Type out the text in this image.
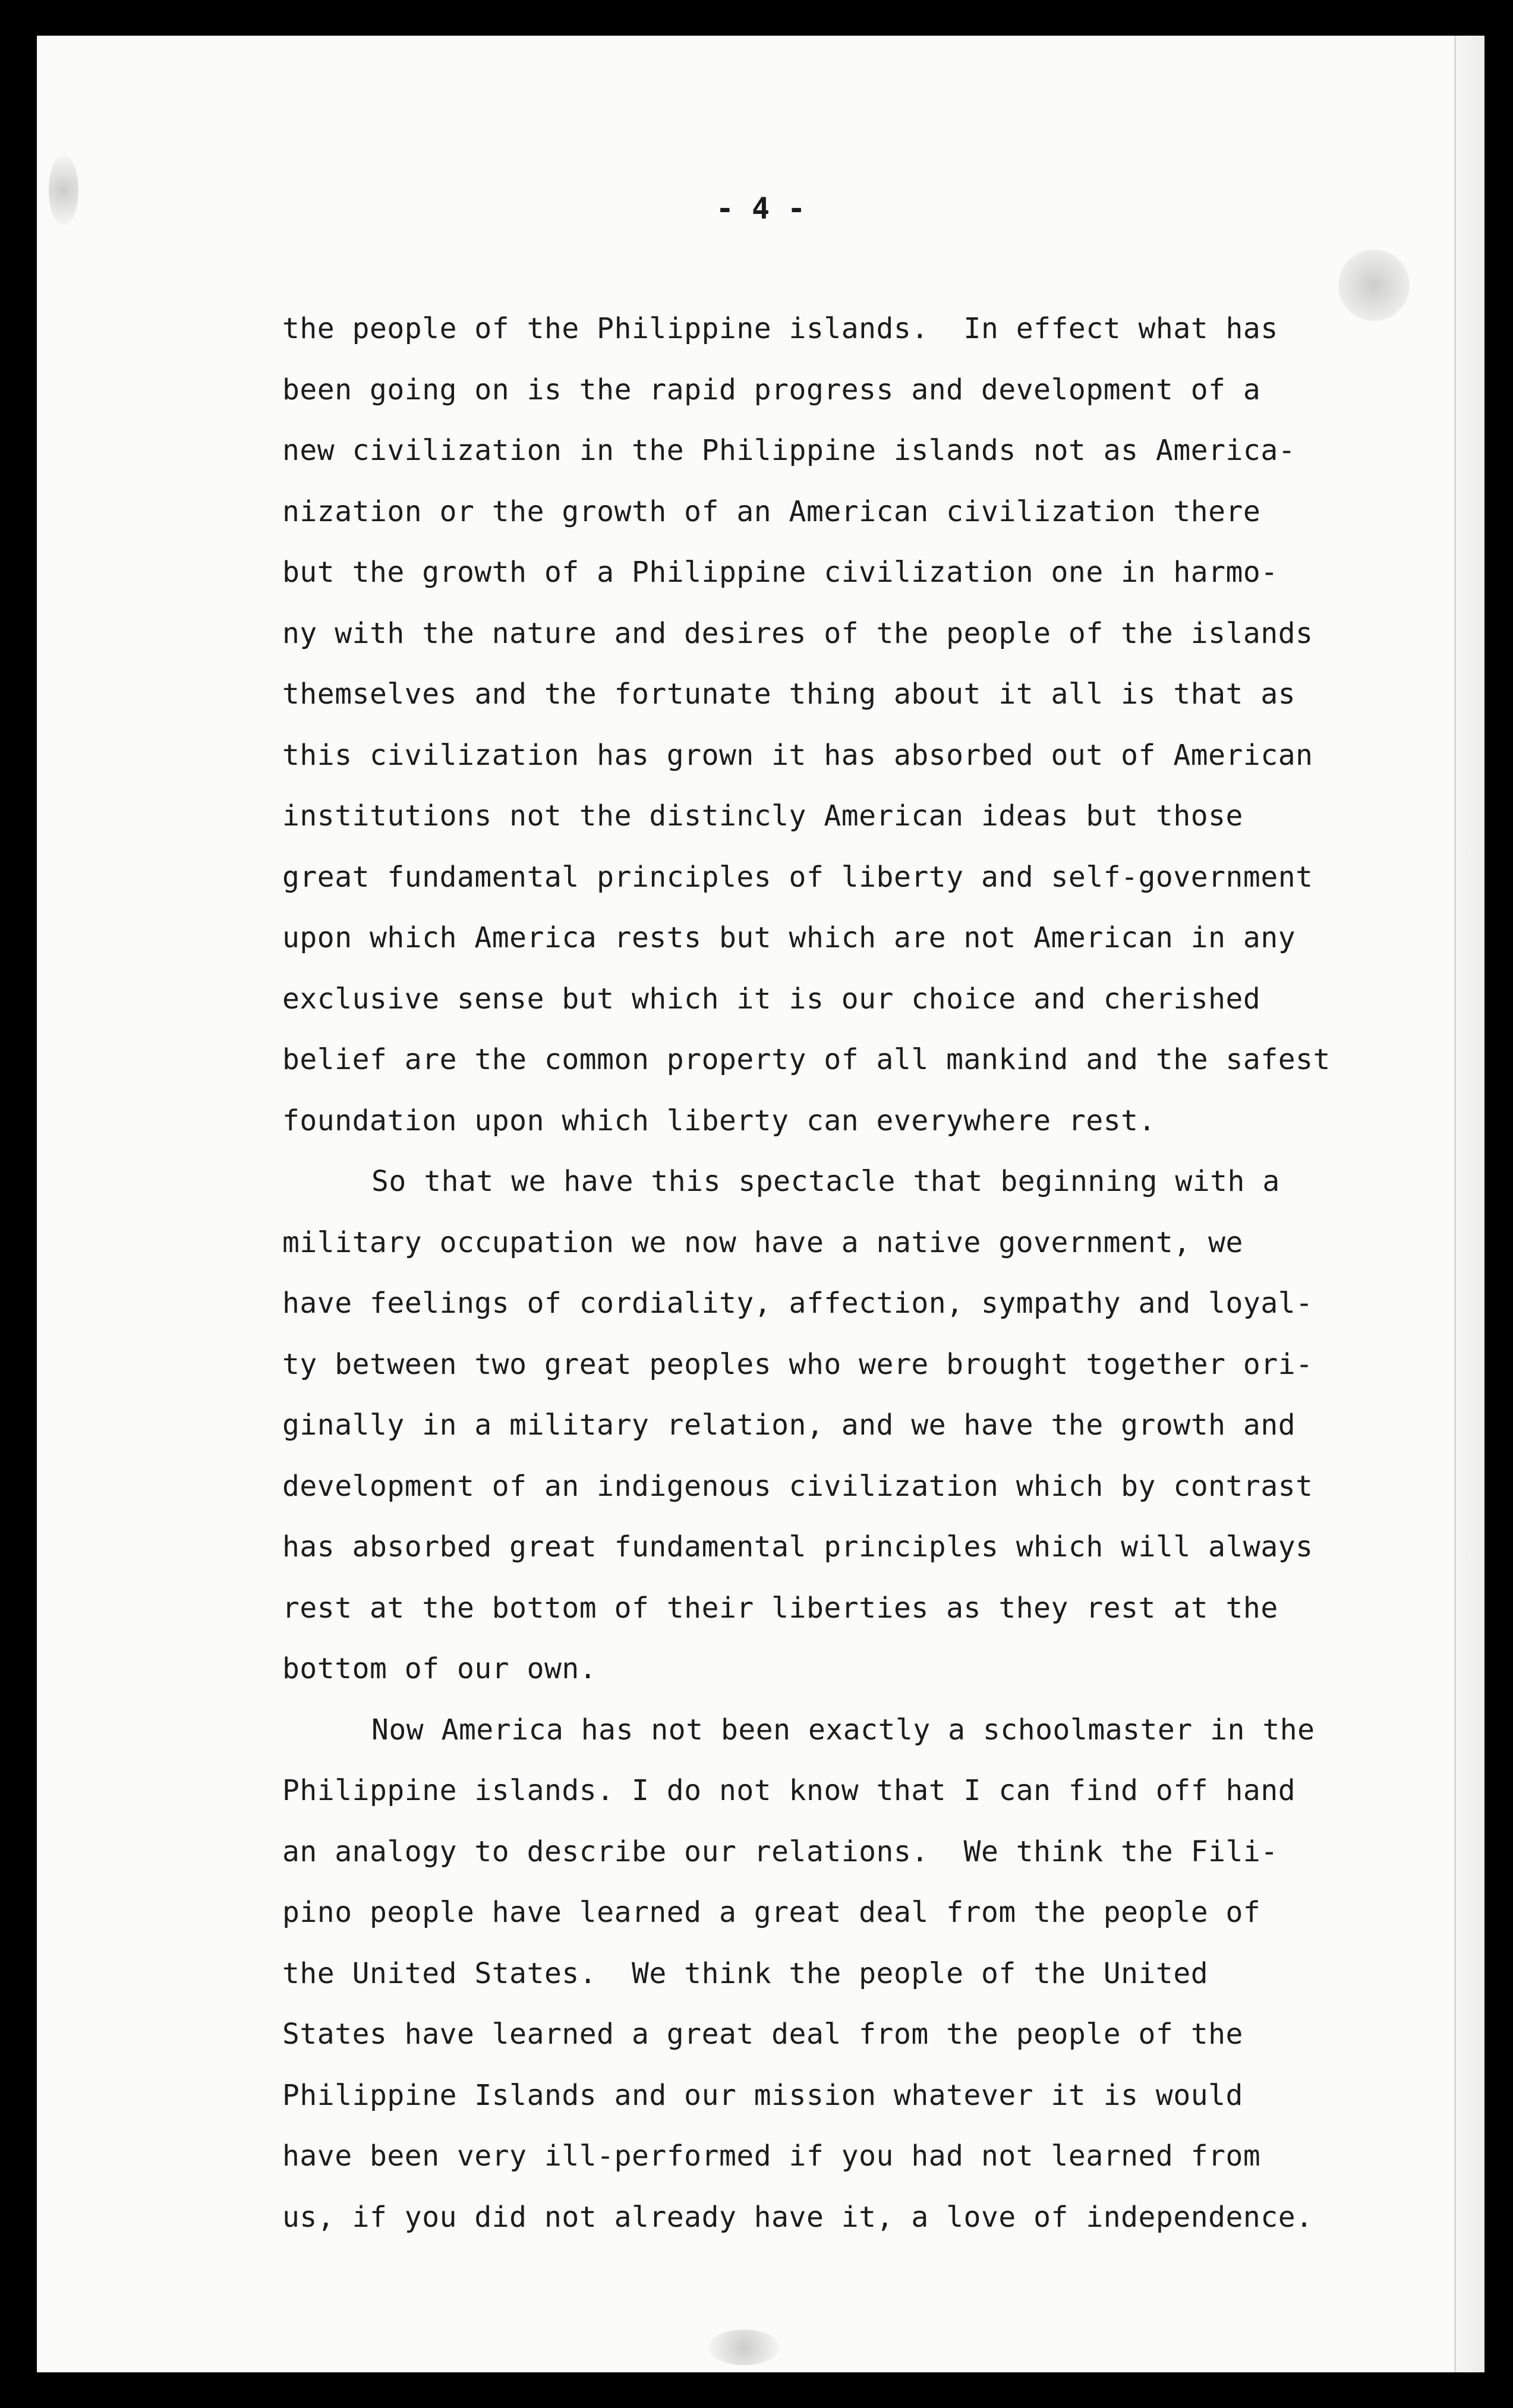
- 4 -
the people of the Philippine islands.  In effect what has
been going on is the rapid progress and development of a
new civilization in the Philippine islands not as America-
nization or the growth of an American civilization there
but the growth of a Philippine civilization one in harmo-
ny with the nature and desires of the people of the islands
themselves and the fortunate thing about it all is that as
this civilization has grown it has absorbed out of American
institutions not the distincly American ideas but those
great fundamental principles of liberty and self-government
upon which America rests but which are not American in any
exclusive sense but which it is our choice and cherished
belief are the common property of all mankind and the safest
foundation upon which liberty can everywhere rest.
So that we have this spectacle that beginning with a
military occupation we now have a native government, we
have feelings of cordiality, affection, sympathy and loyal-
ty between two great peoples who were brought together ori-
ginally in a military relation, and we have the growth and
development of an indigenous civilization which by contrast
has absorbed great fundamental principles which will always
rest at the bottom of their liberties as they rest at the
bottom of our own.
Now America has not been exactly a schoolmaster in the
Philippine islands. I do not know that I can find off hand
an analogy to describe our relations.  We think the Fili-
pino people have learned a great deal from the people of
the United States.  We think the people of the United
States have learned a great deal from the people of the
Philippine Islands and our mission whatever it is would
have been very ill-performed if you had not learned from
us, if you did not already have it, a love of independence.
